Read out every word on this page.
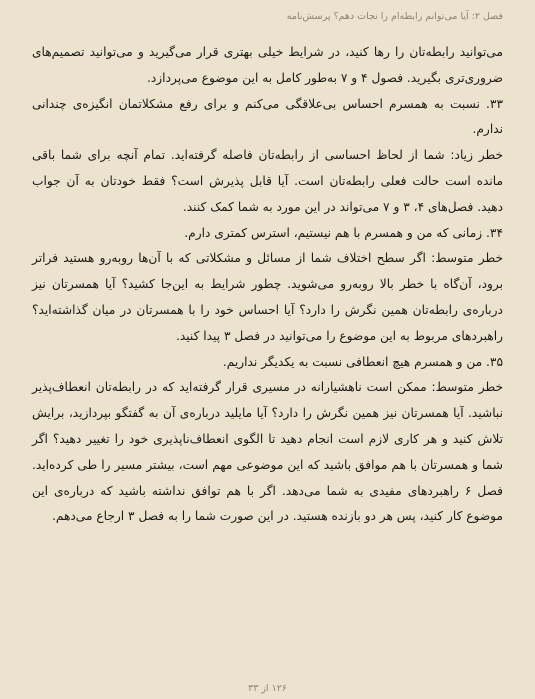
فصل ۲: آیا می‌توانم رابطه‌ام را نجات دهم؟ پرسش‌نامه

می‌توانید رابطه‌تان را رها کنید، در شرایط خیلی بهتری قرار می‌گیرید و می‌توانید تصمیم‌های ضروری‌تری بگیرید. فصول ۴ و ۷ به‌طور کامل به این موضوع می‌پردازد.

۳۳. نسبت به همسرم احساس بی‌علاقگی می‌کنم و برای رفع مشکلاتمان انگیزه‌ی چندانی ندارم.

خطر زیاد: شما از لحاظ احساسی از رابطه‌تان فاصله گرفته‌اید. تمام آنچه برای شما باقی مانده است حالت فعلی رابطه‌تان است. آیا قابل پذیرش است؟ فقط خودتان به آن جواب دهید. فصل‌های ۴، ۳ و ۷ می‌تواند در این مورد به شما کمک کنند.

۳۴. زمانی که من و همسرم با هم نیستیم، استرس کمتری دارم.

خطر متوسط: اگر سطح اختلاف شما از مسائل و مشکلاتی که با آن‌ها روبه‌رو هستید فراتر برود، آن‌گاه با خطر بالا روبه‌رو می‌شوید. چطور شرایط به این‌جا کشید؟ آیا همسرتان نیز درباره‌ی رابطه‌تان همین نگرش را دارد؟ آیا احساس خود را با همسرتان در میان گذاشته‌اید؟ راهبردهای مربوط به این موضوع را می‌توانید در فصل ۳ پیدا کنید.

۳۵. من و همسرم هیچ انعطافی نسبت به یکدیگر نداریم.

خطر متوسط: ممکن است ناهشیارانه در مسیری قرار گرفته‌اید که در رابطه‌تان انعطاف‌پذیر نباشید. آیا همسرتان نیز همین نگرش را دارد؟ آیا مایلید درباره‌ی آن به گفتگو بپردازید، برایش تلاش کنید و هر کاری لازم است انجام دهید تا الگوی انعطاف‌ناپذیری خود را تغییر دهید؟ اگر شما و همسرتان با هم موافق باشید که این موضوعی مهم است، بیشتر مسیر را طی کرده‌اید. فصل ۶ راهبردهای مفیدی به شما می‌دهد. اگر با هم توافق نداشته باشید که درباره‌ی این موضوع کار کنید، پس هر دو بازنده هستید. در این صورت شما را به فصل ۳ ارجاع می‌دهم.

۱۲۶ از ۳۳
